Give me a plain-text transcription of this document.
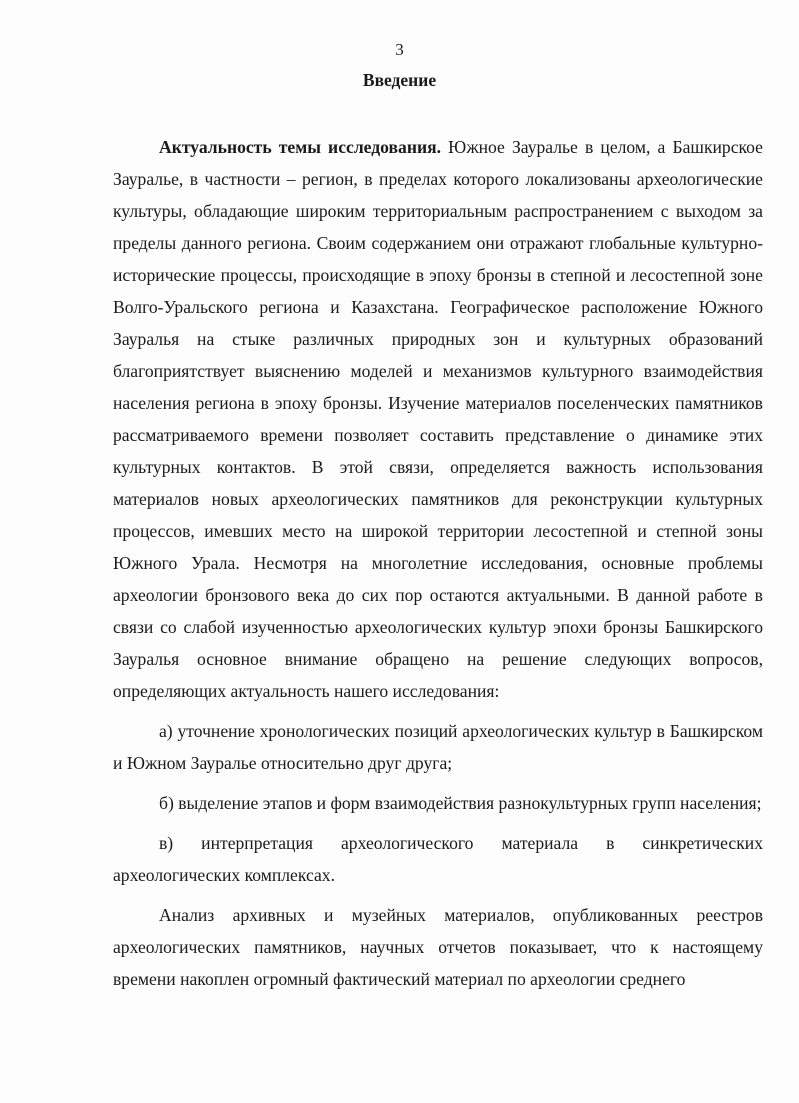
3
Введение

Актуальность темы исследования. Южное Зауралье в целом, а Башкирское Зауралье, в частности – регион, в пределах которого локализованы археологические культуры, обладающие широким территориальным распространением с выходом за пределы данного региона. Своим содержанием они отражают глобальные культурно-исторические процессы, происходящие в эпоху бронзы в степной и лесостепной зоне Волго-Уральского региона и Казахстана. Географическое расположение Южного Зауралья на стыке различных природных зон и культурных образований благоприятствует выяснению моделей и механизмов культурного взаимодействия населения региона в эпоху бронзы. Изучение материалов поселенческих памятников рассматриваемого времени позволяет составить представление о динамике этих культурных контактов. В этой связи, определяется важность использования материалов новых археологических памятников для реконструкции культурных процессов, имевших место на широкой территории лесостепной и степной зоны Южного Урала. Несмотря на многолетние исследования, основные проблемы археологии бронзового века до сих пор остаются актуальными. В данной работе в связи со слабой изученностью археологических культур эпохи бронзы Башкирского Зауралья основное внимание обращено на решение следующих вопросов, определяющих актуальность нашего исследования:

а) уточнение хронологических позиций археологических культур в Башкирском и Южном Зауралье относительно друг друга;

б) выделение этапов и форм взаимодействия разнокультурных групп населения;

в) интерпретация археологического материала в синкретических археологических комплексах.

Анализ архивных и музейных материалов, опубликованных реестров археологических памятников, научных отчетов показывает, что к настоящему времени накоплен огромный фактический материал по археологии среднего
